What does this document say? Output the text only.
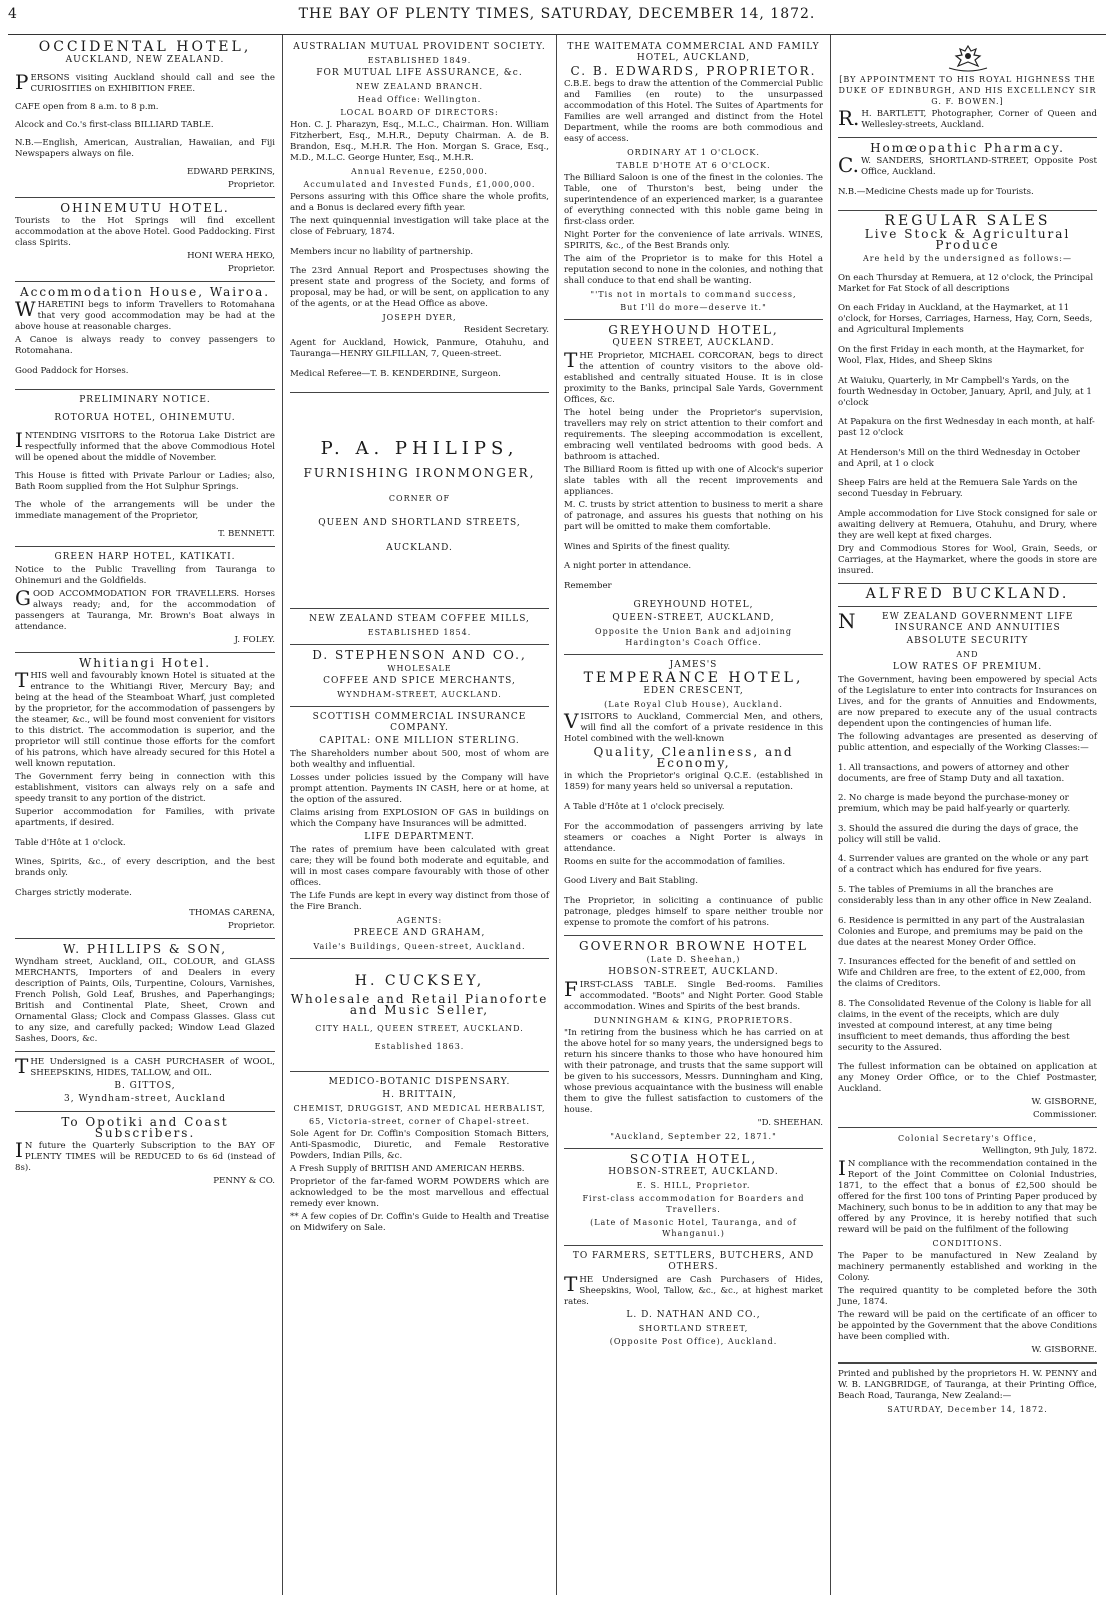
4	THE BAY OF PLENTY TIMES, SATURDAY, DECEMBER 14, 1872.
OCCIDENTAL HOTEL,
AUCKLAND, NEW ZEALAND.

PERSONS visiting Auckland should call and see the CURIOSITIES on EXHIBITION FREE.

CAFE open from 8 a.m. to 8 p.m.

Alcock and Co.'s first-class BILLIARD TABLE.

N.B.—English, American, Australian, Hawaiian, and Fiji Newspapers always on file.

EDWARD PERKINS,
Proprietor.
OHINEMUTU HOTEL.

Tourists to the Hot Springs will find excellent accommodation at the above Hotel. Good Paddocking. First class Spirits.

HONI WERA HEKO,
Proprietor.
Accommodation House, Wairoa.

WHARETINI begs to inform Travellers to Rotomahana that very good accommodation may be had at the above house at reasonable charges.

A Canoe is always ready to convey passengers to Rotomahana.

Good Paddock for Horses.

PRELIMINARY NOTICE.
ROTORUA HOTEL, OHINEMUTU.

INTENDING VISITORS to the Rotorua Lake District are respectfully informed that the above Commodious Hotel will be opened about the middle of November.

This House is fitted with Private Parlour or Ladies; also, Bath Room supplied from the Hot Sulphur Springs.

The whole of the arrangements will be under the immediate management of the Proprietor,

T. BENNETT.
GREEN HARP HOTEL, KATIKATI.

Notice to the Public Travelling from Tauranga to Ohinemuri and the Goldfields.

GOOD ACCOMMODATION FOR TRAVELLERS. Horses always ready; and, for the accommodation of passengers at Tauranga, Mr. Brown's Boat always in attendance.

J. FOLEY.
Whitiangi Hotel.

THIS well and favourably known Hotel is situated at the entrance to the Whitiangi River, Mercury Bay; and being at the head of the Steamboat Wharf, just completed by the proprietor, for the accommodation of passengers by the steamer, &c., will be found most convenient for visitors to this district. The accommodation is superior, and the proprietor will still continue those efforts for the comfort of his patrons, which have already secured for this Hotel a well known reputation.

The Government ferry being in connection with this establishment, visitors can always rely on a safe and speedy transit to any portion of the district.

Superior accommodation for Families, with private apartments, if desired.

Table d'Hôte at 1 o'clock.

Wines, Spirits, &c., of every description, and the best brands only.

Charges strictly moderate.

THOMAS CARENA,
Proprietor.
W. PHILLIPS & SON,

Wyndham street, Auckland, OIL, COLOUR, and GLASS MERCHANTS, Importers of and Dealers in every description of Paints, Oils, Turpentine, Colours, Varnishes, French Polish, Gold Leaf, Brushes, and Paperhangings; British and Continental Plate, Sheet, Crown and Ornamental Glass; Clock and Compass Glasses. Glass cut to any size, and carefully packed; Window Lead Glazed Sashes, Doors, &c.

THE Undersigned is a CASH PURCHASER of WOOL, SHEEPSKINS, HIDES, TALLOW, and OIL.

B. GITTOS,
3, Wyndham-street, Auckland
To Opotiki and Coast Subscribers.

IN future the Quarterly Subscription to the BAY OF PLENTY TIMES will be REDUCED to 6s 6d (instead of 8s).

PENNY & CO.
AUSTRALIAN MUTUAL PROVIDENT SOCIETY.
ESTABLISHED 1849.
FOR MUTUAL LIFE ASSURANCE, &c.
NEW ZEALAND BRANCH.
Head Office: Wellington.
LOCAL BOARD OF DIRECTORS:

Hon. C. J. Pharazyn, Esq., M.L.C., Chairman. Hon. William Fitzherbert, Esq., M.H.R., Deputy Chairman. A. de B. Brandon, Esq., M.H.R. The Hon. Morgan S. Grace, Esq., M.D., M.L.C. George Hunter, Esq., M.H.R.

Annual Revenue, £250,000.
Accumulated and Invested Funds, £1,000,000.

Persons assuring with this Office share the whole profits, and a Bonus is declared every fifth year.

The next quinquennial investigation will take place at the close of February, 1874.

Members incur no liability of partnership.

The 23rd Annual Report and Prospectuses showing the present state and progress of the Society, and forms of proposal, may be had, or will be sent, on application to any of the agents, or at the Head Office as above.

JOSEPH DYER,
Resident Secretary.

Agent for Auckland, Howick, Panmure, Otahuhu, and Tauranga—HENRY GILFILLAN, 7, Queen-street.

Medical Referee—T. B. KENDERDINE, Surgeon.

P. A. PHILIPS,
FURNISHING IRONMONGER,
CORNER OF
QUEEN AND SHORTLAND STREETS,
AUCKLAND.
NEW ZEALAND STEAM COFFEE MILLS,
ESTABLISHED 1854.
D. STEPHENSON AND CO.,
WHOLESALE
COFFEE AND SPICE MERCHANTS,
WYNDHAM-STREET, AUCKLAND.
SCOTTISH COMMERCIAL INSURANCE COMPANY.
CAPITAL: ONE MILLION STERLING.

The Shareholders number about 500, most of whom are both wealthy and influential.

Losses under policies issued by the Company will have prompt attention. Payments IN CASH, here or at home, at the option of the assured.

Claims arising from EXPLOSION OF GAS in buildings on which the Company have Insurances will be admitted.

LIFE DEPARTMENT.

The rates of premium have been calculated with great care; they will be found both moderate and equitable, and will in most cases compare favourably with those of other offices.

The Life Funds are kept in every way distinct from those of the Fire Branch.

AGENTS:
PREECE AND GRAHAM,
Vaile's Buildings, Queen-street, Auckland.
H. CUCKSEY,
Wholesale and Retail Pianoforte and Music Seller,
CITY HALL, QUEEN STREET, AUCKLAND.
Established 1863.
MEDICO-BOTANIC DISPENSARY.
H. BRITTAIN,
CHEMIST, DRUGGIST, AND MEDICAL HERBALIST,
65, Victoria-street, corner of Chapel-street.

Sole Agent for Dr. Coffin's Composition Stomach Bitters, Anti-Spasmodic, Diuretic, and Female Restorative Powders, Indian Pills, &c.

A Fresh Supply of BRITISH AND AMERICAN HERBS.

Proprietor of the far-famed WORM POWDERS which are acknowledged to be the most marvellous and effectual remedy ever known.

** A few copies of Dr. Coffin's Guide to Health and Treatise on Midwifery on Sale.

THE WAITEMATA COMMERCIAL AND FAMILY HOTEL, AUCKLAND,
C. B. EDWARDS, PROPRIETOR.

C.B.E. begs to draw the attention of the Commercial Public and Families (en route) to the unsurpassed accommodation of this Hotel. The Suites of Apartments for Families are well arranged and distinct from the Hotel Department, while the rooms are both commodious and easy of access.

ORDINARY AT 1 O'CLOCK.
TABLE D'HOTE AT 6 O'CLOCK.

The Billiard Saloon is one of the finest in the colonies. The Table, one of Thurston's best, being under the superintendence of an experienced marker, is a guarantee of everything connected with this noble game being in first-class order.

Night Porter for the convenience of late arrivals. WINES, SPIRITS, &c., of the Best Brands only.

The aim of the Proprietor is to make for this Hotel a reputation second to none in the colonies, and nothing that shall conduce to that end shall be wanting.

"'Tis not in mortals to command success,
But I'll do more—deserve it."
GREYHOUND HOTEL,
QUEEN STREET, AUCKLAND.

THE Proprietor, MICHAEL CORCORAN, begs to direct the attention of country visitors to the above old-established and centrally situated House. It is in close proximity to the Banks, principal Sale Yards, Government Offices, &c.

The hotel being under the Proprietor's supervision, travellers may rely on strict attention to their comfort and requirements. The sleeping accommodation is excellent, embracing well ventilated bedrooms with good beds. A bathroom is attached.

The Billiard Room is fitted up with one of Alcock's superior slate tables with all the recent improvements and appliances.

M. C. trusts by strict attention to business to merit a share of patronage, and assures his guests that nothing on his part will be omitted to make them comfortable.

Wines and Spirits of the finest quality.

A night porter in attendance.

Remember

GREYHOUND HOTEL,
QUEEN-STREET, AUCKLAND,
Opposite the Union Bank and adjoining Hardington's Coach Office.
JAMES'S
TEMPERANCE HOTEL,
EDEN CRESCENT,
(Late Royal Club House), Auckland.

VISITORS to Auckland, Commercial Men, and others, will find all the comfort of a private residence in this Hotel combined with the well-known

Quality, Cleanliness, and Economy,

in which the Proprietor's original Q.C.E. (established in 1859) for many years held so universal a reputation.

A Table d'Hôte at 1 o'clock precisely.

For the accommodation of passengers arriving by late steamers or coaches a Night Porter is always in attendance.

Rooms en suite for the accommodation of families.

Good Livery and Bait Stabling.

The Proprietor, in soliciting a continuance of public patronage, pledges himself to spare neither trouble nor expense to promote the comfort of his patrons.

GOVERNOR BROWNE HOTEL
(Late D. Sheehan,)
HOBSON-STREET, AUCKLAND.

FIRST-CLASS TABLE. Single Bed-rooms. Families accommodated. "Boots" and Night Porter. Good Stable accommodation. Wines and Spirits of the best brands.

DUNNINGHAM & KING, PROPRIETORS.

"In retiring from the business which he has carried on at the above hotel for so many years, the undersigned begs to return his sincere thanks to those who have honoured him with their patronage, and trusts that the same support will be given to his successors, Messrs. Dunningham and King, whose previous acquaintance with the business will enable them to give the fullest satisfaction to customers of the house.

"D. SHEEHAN.
"Auckland, September 22, 1871."
SCOTIA HOTEL,
HOBSON-STREET, AUCKLAND.
E. S. HILL, Proprietor.

First-class accommodation for Boarders and Travellers.

(Late of Masonic Hotel, Tauranga, and of Whanganui.)

TO FARMERS, SETTLERS, BUTCHERS, AND OTHERS.

THE Undersigned are Cash Purchasers of Hides, Sheepskins, Wool, Tallow, &c., &c., at highest market rates.

L. D. NATHAN AND CO.,
SHORTLAND STREET,
(Opposite Post Office), Auckland.

[BY APPOINTMENT TO HIS ROYAL HIGHNESS THE DUKE OF EDINBURGH, AND HIS EXCELLENCY SIR G. F. BOWEN.]

R.H. BARTLETT, Photographer, Corner of Queen and Wellesley-streets, Auckland.

Homœopathic Pharmacy.

C.W. SANDERS, SHORTLAND-STREET, Opposite Post Office, Auckland.

N.B.—Medicine Chests made up for Tourists.

REGULAR SALES
Live Stock & Agricultural Produce
Are held by the undersigned as follows:—

On each Thursday at Remuera, at 12 o'clock, the Principal Market for Fat Stock of all descriptions

On each Friday in Auckland, at the Haymarket, at 11 o'clock, for Horses, Carriages, Harness, Hay, Corn, Seeds, and Agricultural Implements

On the first Friday in each month, at the Haymarket, for Wool, Flax, Hides, and Sheep Skins

At Waiuku, Quarterly, in Mr Campbell's Yards, on the fourth Wednesday in October, January, April, and July, at 1 o'clock

At Papakura on the first Wednesday in each month, at half-past 12 o'clock

At Henderson's Mill on the third Wednesday in October and April, at 1 o clock

Sheep Fairs are held at the Remuera Sale Yards on the second Tuesday in February.

Ample accommodation for Live Stock consigned for sale or awaiting delivery at Remuera, Otahuhu, and Drury, where they are well kept at fixed charges.

Dry and Commodious Stores for Wool, Grain, Seeds, or Carriages, at the Haymarket, where the goods in store are insured.

ALFRED BUCKLAND.
NEW ZEALAND GOVERNMENT LIFE INSURANCE AND ANNUITIES
ABSOLUTE SECURITY
AND
LOW RATES OF PREMIUM.

The Government, having been empowered by special Acts of the Legislature to enter into contracts for Insurances on Lives, and for the grants of Annuities and Endowments, are now prepared to execute any of the usual contracts dependent upon the contingencies of human life.

The following advantages are presented as deserving of public attention, and especially of the Working Classes:—

1. All transactions, and powers of attorney and other documents, are free of Stamp Duty and all taxation.

2. No charge is made beyond the purchase-money or premium, which may be paid half-yearly or quarterly.

3. Should the assured die during the days of grace, the policy will still be valid.

4. Surrender values are granted on the whole or any part of a contract which has endured for five years.

5. The tables of Premiums in all the branches are considerably less than in any other office in New Zealand.

6. Residence is permitted in any part of the Australasian Colonies and Europe, and premiums may be paid on the due dates at the nearest Money Order Office.

7. Insurances effected for the benefit of and settled on Wife and Children are free, to the extent of £2,000, from the claims of Creditors.

8. The Consolidated Revenue of the Colony is liable for all claims, in the event of the receipts, which are duly invested at compound interest, at any time being insufficient to meet demands, thus affording the best security to the Assured.

The fullest information can be obtained on application at any Money Order Office, or to the Chief Postmaster, Auckland.

W. GISBORNE,
Commissioner.
Colonial Secretary's Office,
Wellington, 9th July, 1872.

IN compliance with the recommendation contained in the Report of the Joint Committee on Colonial Industries, 1871, to the effect that a bonus of £2,500 should be offered for the first 100 tons of Printing Paper produced by Machinery, such bonus to be in addition to any that may be offered by any Province, it is hereby notified that such reward will be paid on the fulfilment of the following

CONDITIONS.

The Paper to be manufactured in New Zealand by machinery permanently established and working in the Colony.

The required quantity to be completed before the 30th June, 1874.

The reward will be paid on the certificate of an officer to be appointed by the Government that the above Conditions have been complied with.

W. GISBORNE.

Printed and published by the proprietors H. W. PENNY and W. B. LANGBRIDGE, of Tauranga, at their Printing Office, Beach Road, Tauranga, New Zealand:—

SATURDAY, December 14, 1872.
